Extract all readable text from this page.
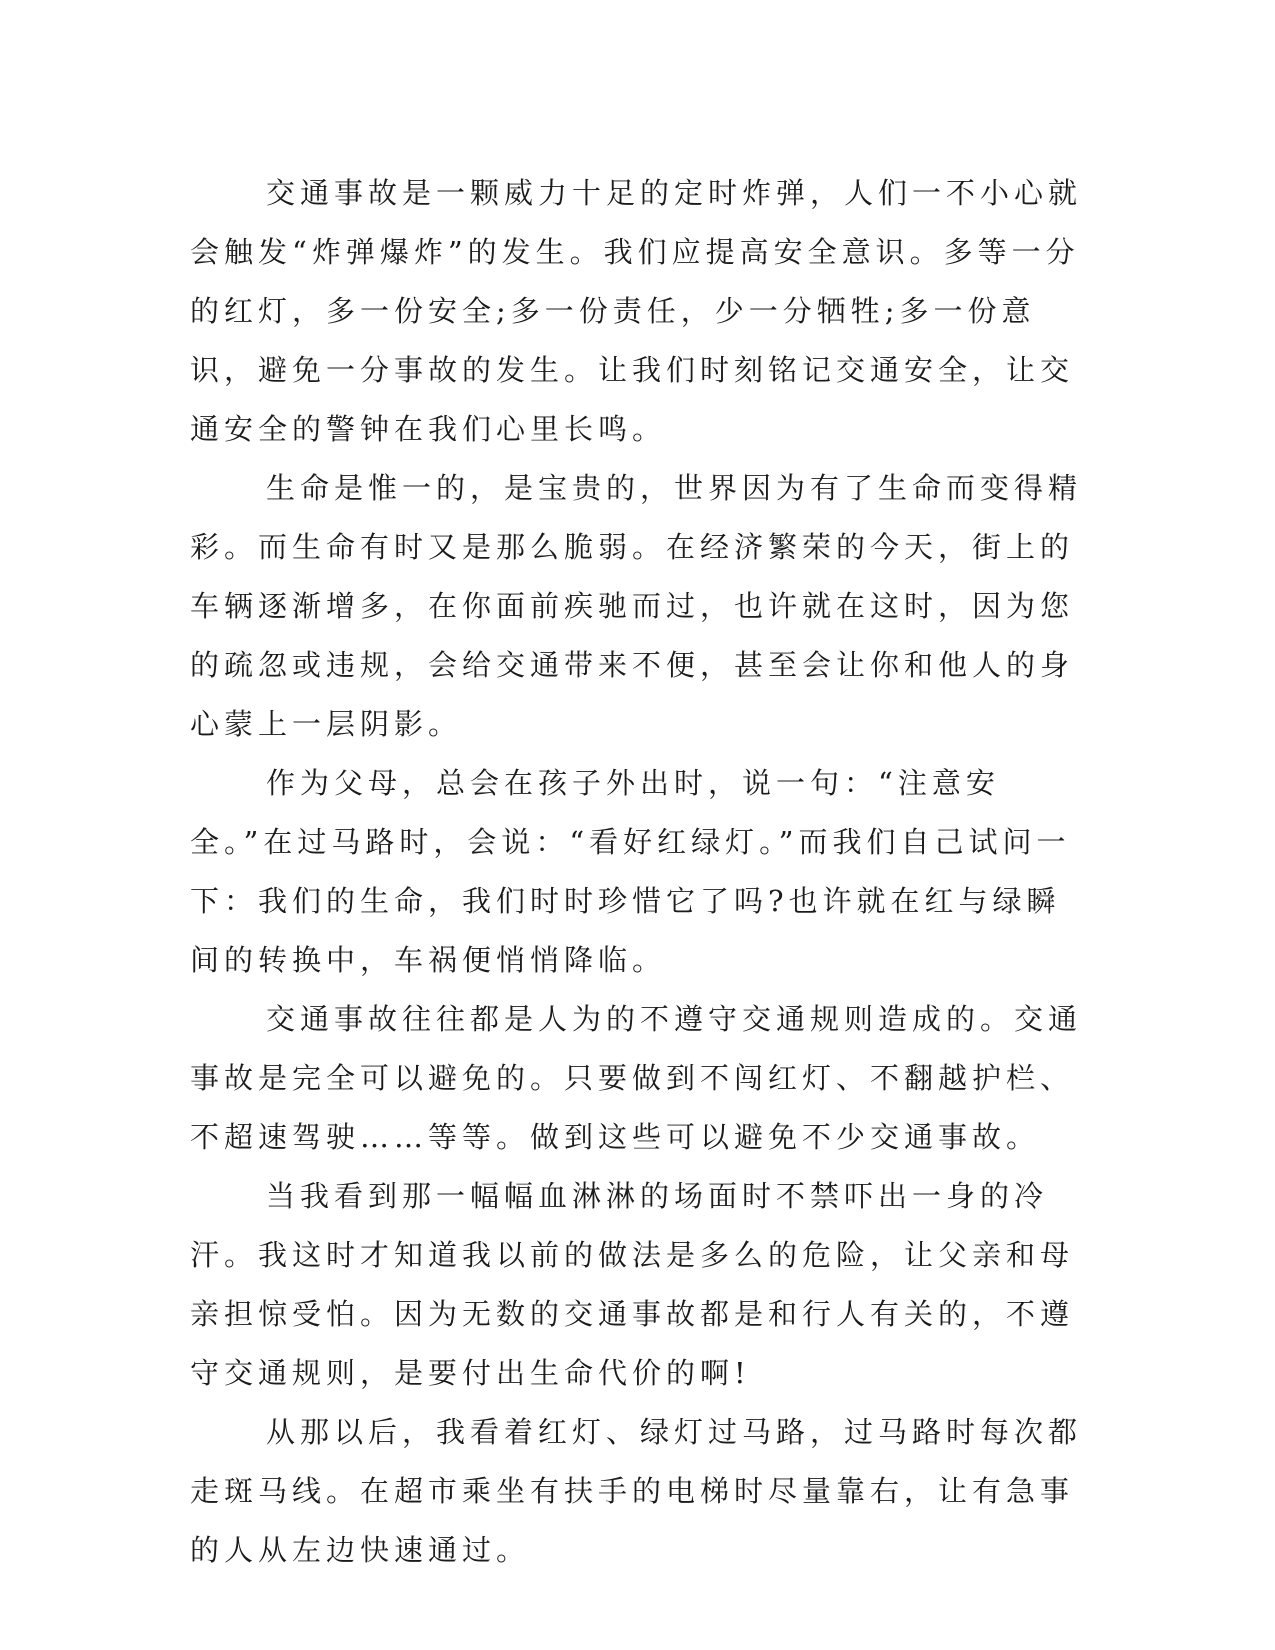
交通事故是一颗威力十足的定时炸弹，人们一不小心就会触发“炸弹爆炸”的发生。我们应提高安全意识。多等一分的红灯，多一份安全;多一份责任，少一分牺牲;多一份意识，避免一分事故的发生。让我们时刻铭记交通安全，让交通安全的警钟在我们心里长鸣。

生命是惟一的，是宝贵的，世界因为有了生命而变得精彩。而生命有时又是那么脆弱。在经济繁荣的今天，街上的车辆逐渐增多，在你面前疾驰而过，也许就在这时，因为您的疏忽或违规，会给交通带来不便，甚至会让你和他人的身心蒙上一层阴影。

作为父母，总会在孩子外出时，说一句：“注意安全。”在过马路时，会说：“看好红绿灯。”而我们自己试问一下：我们的生命，我们时时珍惜它了吗?也许就在红与绿瞬间的转换中，车祸便悄悄降临。

交通事故往往都是人为的不遵守交通规则造成的。交通事故是完全可以避免的。只要做到不闯红灯、不翻越护栏、不超速驾驶……等等。做到这些可以避免不少交通事故。

当我看到那一幅幅血淋淋的场面时不禁吓出一身的冷汗。我这时才知道我以前的做法是多么的危险，让父亲和母亲担惊受怕。因为无数的交通事故都是和行人有关的，不遵守交通规则，是要付出生命代价的啊!

从那以后，我看着红灯、绿灯过马路，过马路时每次都走斑马线。在超市乘坐有扶手的电梯时尽量靠右，让有急事的人从左边快速通过。
